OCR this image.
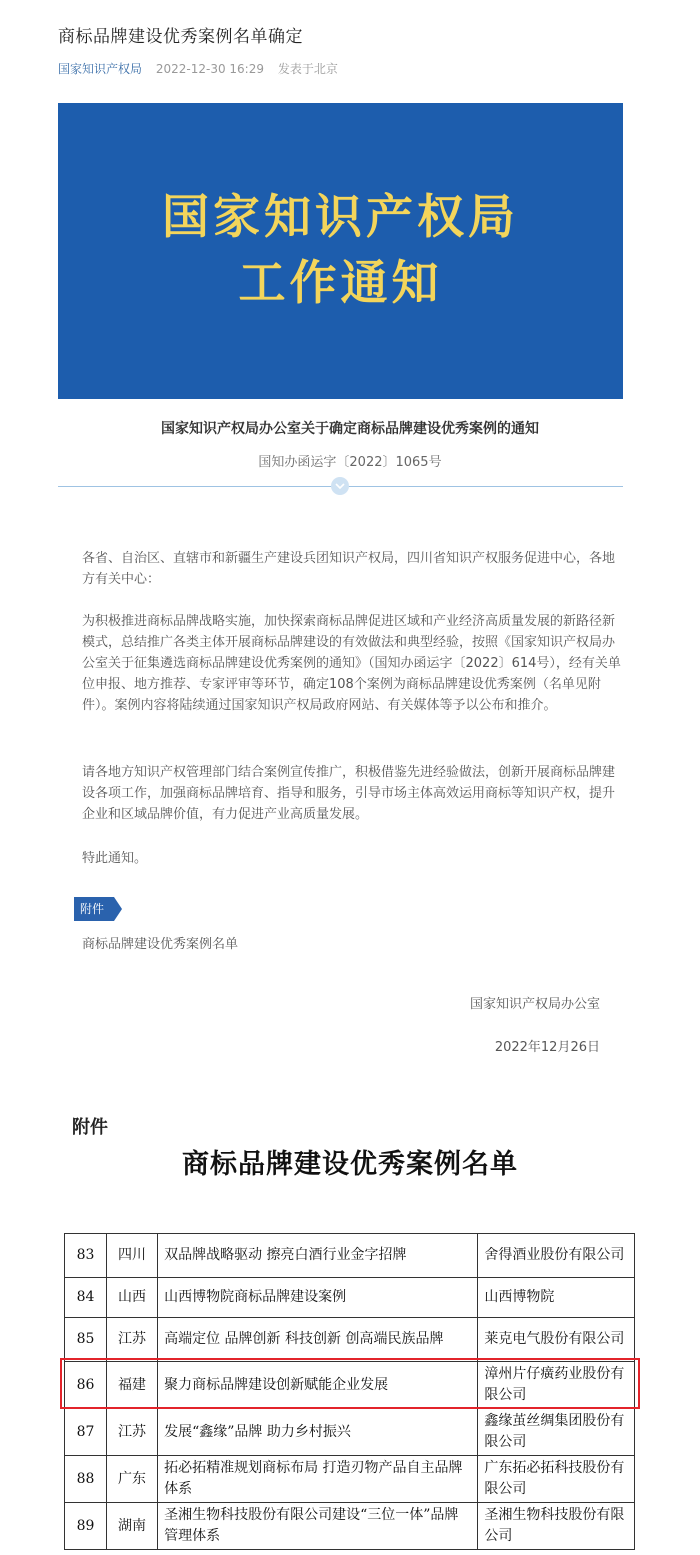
商标品牌建设优秀案例名单确定
国家知识产权局 2022-12-30 16:29 发表于北京
国家知识产权局
工作通知
国家知识产权局办公室关于确定商标品牌建设优秀案例的通知
国知办函运字〔2022〕1065号

各省、自治区、直辖市和新疆生产建设兵团知识产权局，四川省知识产权服务促进中心，各地方有关中心：

为积极推进商标品牌战略实施，加快探索商标品牌促进区域和产业经济高质量发展的新路径新模式，总结推广各类主体开展商标品牌建设的有效做法和典型经验，按照《国家知识产权局办公室关于征集遴选商标品牌建设优秀案例的通知》（国知办函运字〔2022〕614号），经有关单位申报、地方推荐、专家评审等环节，确定108个案例为商标品牌建设优秀案例（名单见附件）。案例内容将陆续通过国家知识产权局政府网站、有关媒体等予以公布和推介。

请各地方知识产权管理部门结合案例宣传推广，积极借鉴先进经验做法，创新开展商标品牌建设各项工作，加强商标品牌培育、指导和服务，引导市场主体高效运用商标等知识产权，提升企业和区域品牌价值，有力促进产业高质量发展。

特此通知。

附件
商标品牌建设优秀案例名单
国家知识产权局办公室
2022年12月26日
附件
商标品牌建设优秀案例名单
83	四川	双品牌战略驱动 擦亮白酒行业金字招牌	舍得酒业股份有限公司
84	山西	山西博物院商标品牌建设案例	山西博物院
85	江苏	高端定位 品牌创新 科技创新 创高端民族品牌	莱克电气股份有限公司
86	福建	聚力商标品牌建设创新赋能企业发展	漳州片仔癀药业股份有限公司
87	江苏	发展“鑫缘”品牌 助力乡村振兴	鑫缘茧丝绸集团股份有限公司
88	广东	拓必拓精准规划商标布局 打造刃物产品自主品牌体系	广东拓必拓科技股份有限公司
89	湖南	圣湘生物科技股份有限公司建设“三位一体”品牌管理体系	圣湘生物科技股份有限公司
